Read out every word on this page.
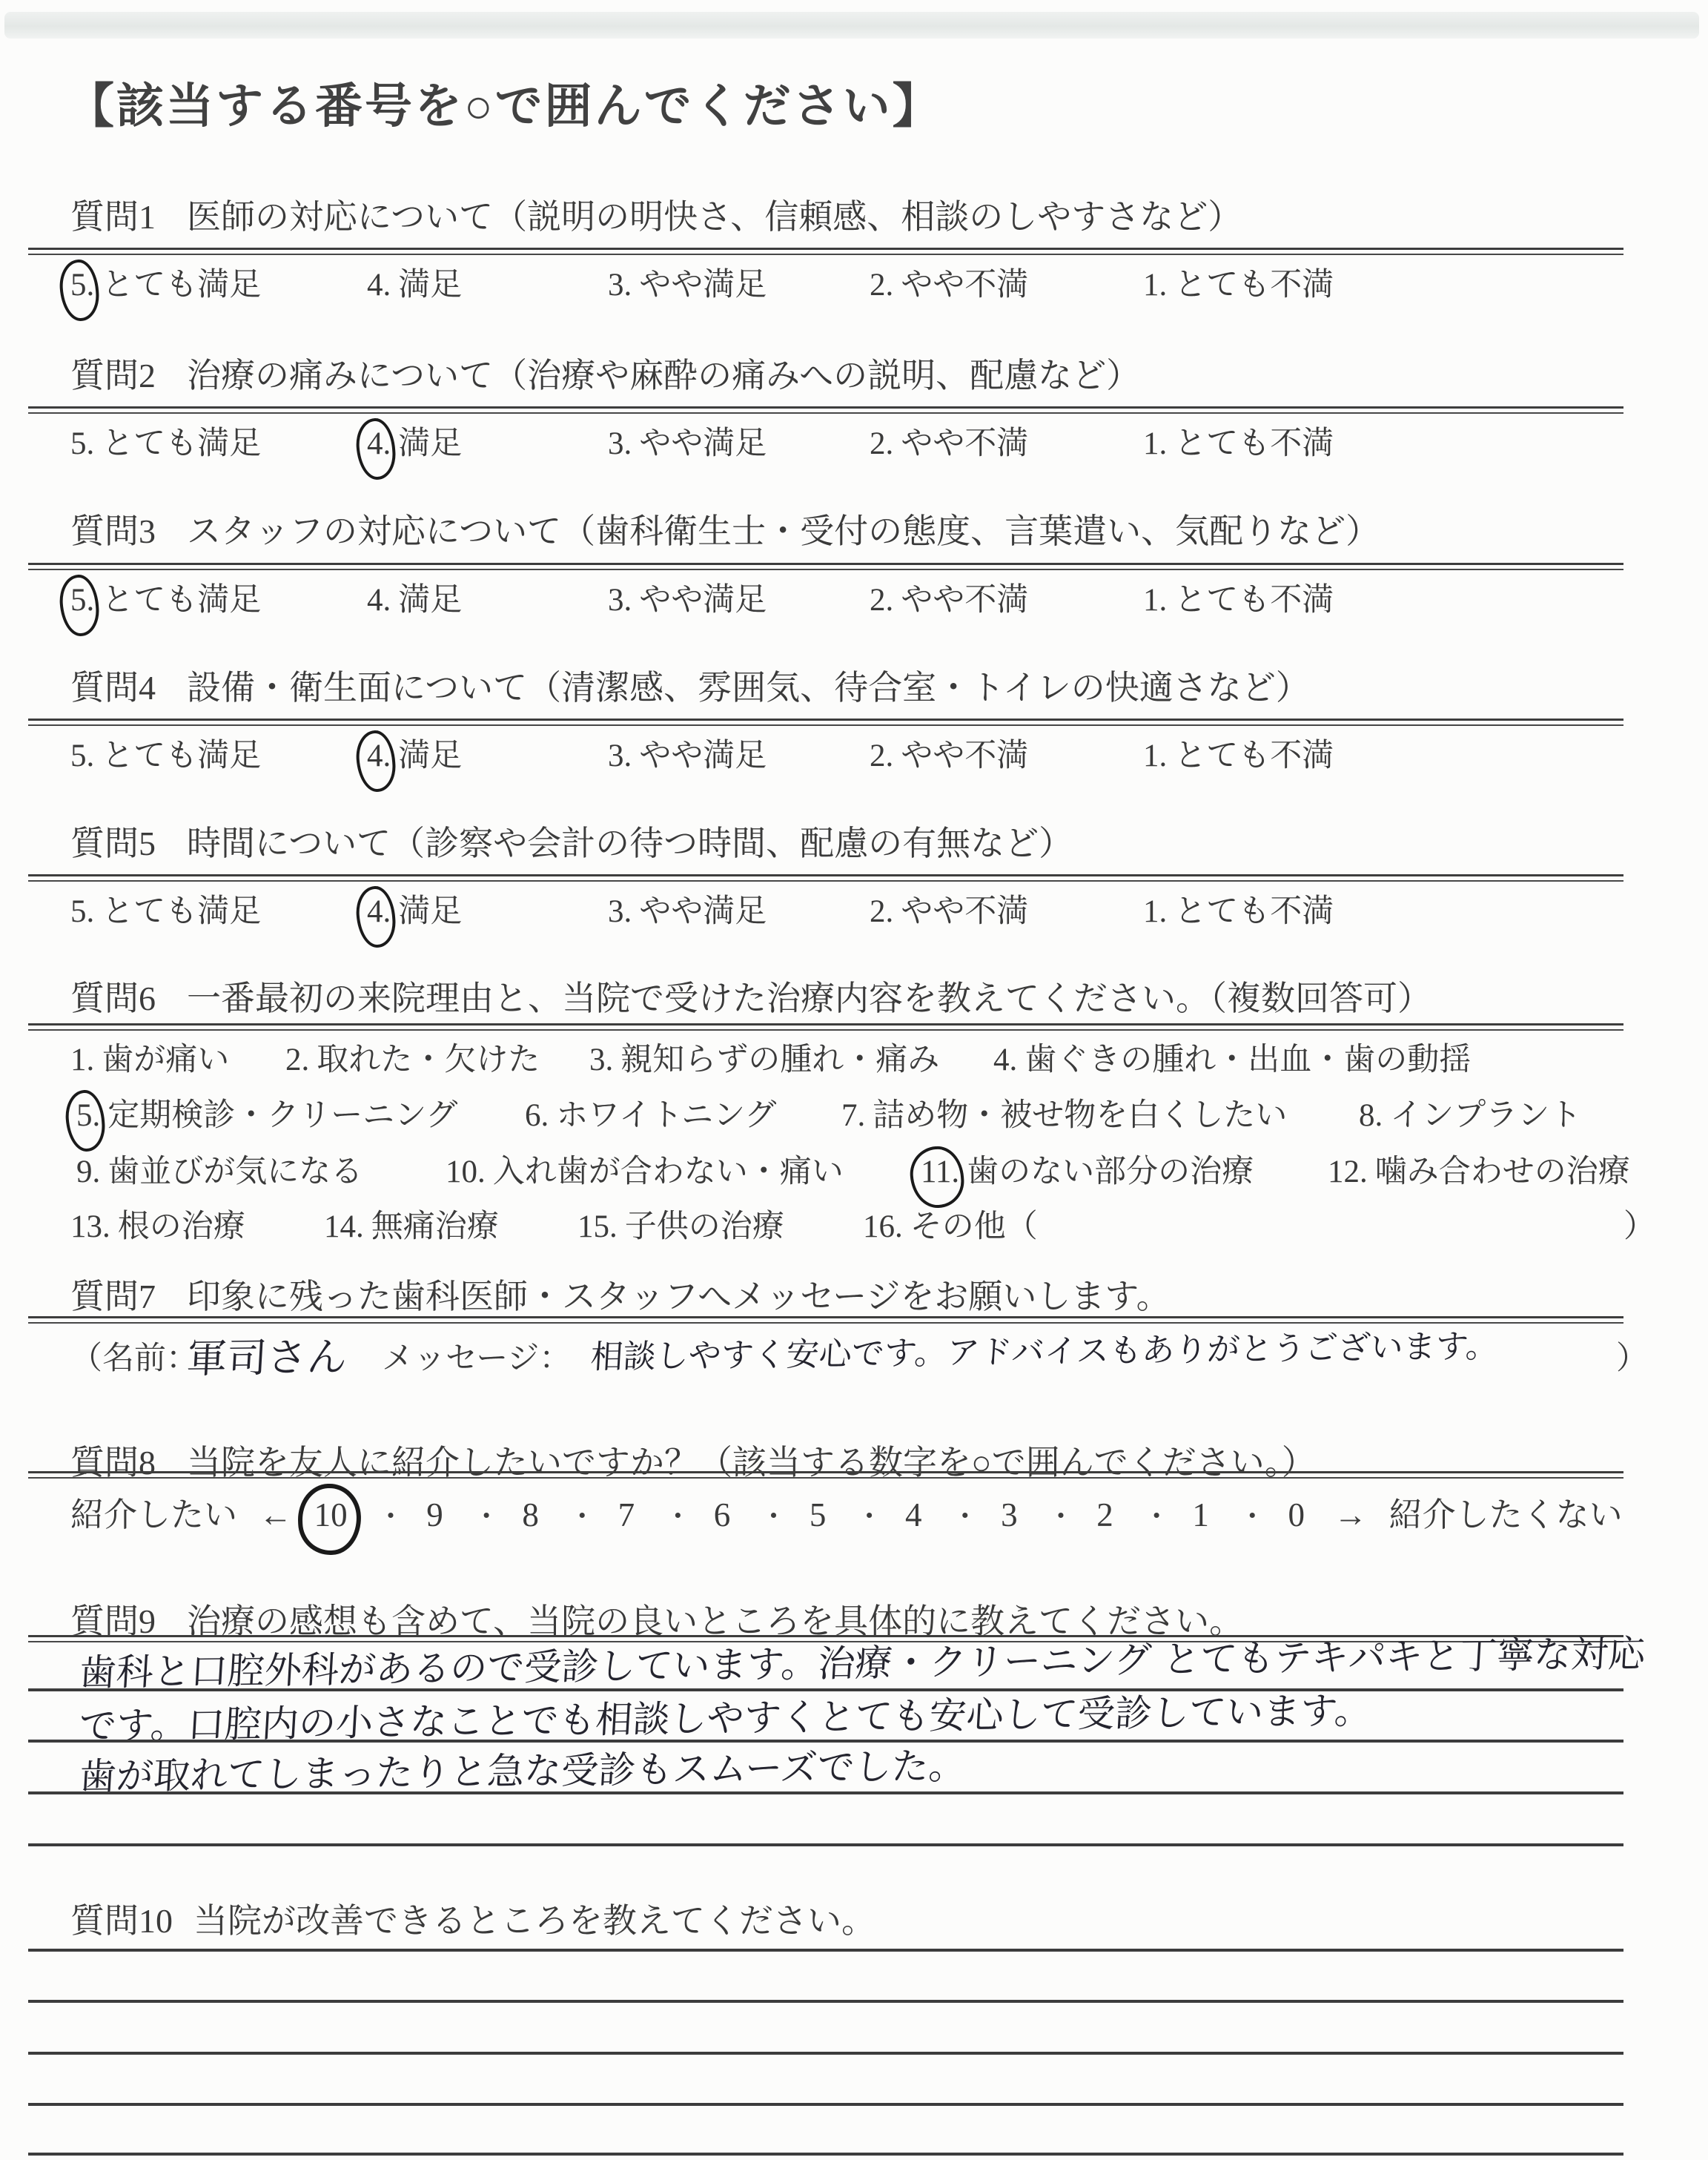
【該当する番号を○で囲んでください】
質問1 医師の対応について（説明の明快さ、信頼感、相談のしやすさなど）
5. とても満足	4. 満足	3. やや満足	2. やや不満	1. とても不満
質問2 治療の痛みについて（治療や麻酔の痛みへの説明、配慮など）
5. とても満足	4. 満足	3. やや満足	2. やや不満	1. とても不満
質問3 スタッフの対応について（歯科衛生士・受付の態度、言葉遣い、気配りなど）
5. とても満足	4. 満足	3. やや満足	2. やや不満	1. とても不満
質問4 設備・衛生面について（清潔感、雰囲気、待合室・トイレの快適さなど）
5. とても満足	4. 満足	3. やや満足	2. やや不満	1. とても不満
質問5 時間について（診察や会計の待つ時間、配慮の有無など）
5. とても満足	4. 満足	3. やや満足	2. やや不満	1. とても不満
質問6 一番最初の来院理由と、当院で受けた治療内容を教えてください。（複数回答可）
1. 歯が痛い 2. 取れた・欠けた 3. 親知らずの腫れ・痛み 4. 歯ぐきの腫れ・出血・歯の動揺
5. 定期検診・クリーニング 6. ホワイトニング 7. 詰め物・被せ物を白くしたい 8. インプラント
9. 歯並びが気になる	10. 入れ歯が合わない・痛い 11. 歯のない部分の治療 12. 噛み合わせの治療
13. 根の治療 14. 無痛治療 15. 子供の治療 16. その他（	）
質問7 印象に残った歯科医師・スタッフへメッセージをお願いします。
（名前：
軍司さん メッセージ： 相談しやすく安心です。アドバイスもありがとうございます。	）
質問8 当院を友人に紹介したいですか？（該当する数字を○で囲んでください。）
紹介したい ← 10 ・ 9 ・ 8 ・ 7 ・ 6 ・ 5 ・ 4 ・ 3 ・ 2 ・ 1 ・ 0 → 紹介したくない
質問9 治療の感想も含めて、当院の良いところを具体的に教えてください。
歯科と口腔外科があるので受診しています。治療・クリーニング とてもテキパキと丁寧な対応
です。口腔内の小さなことでも相談しやすくとても安心して受診しています。
歯が取れてしまったりと急な受診もスムーズでした。
質問10 当院が改善できるところを教えてください。
